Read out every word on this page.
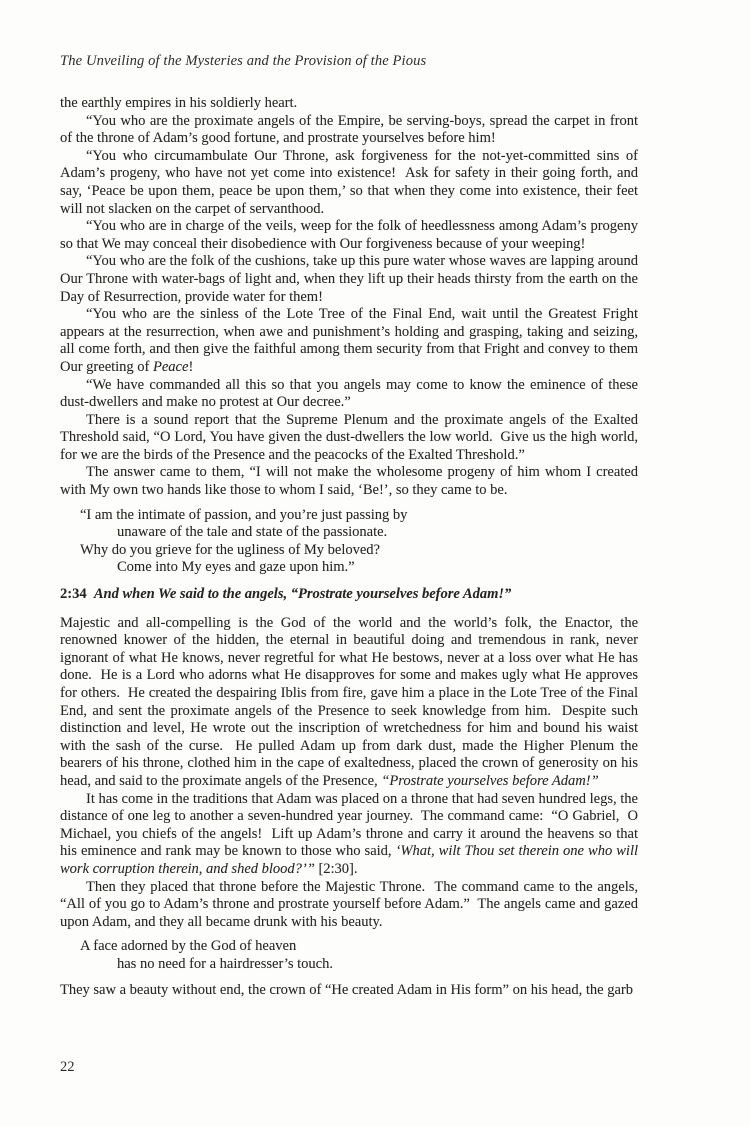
The Unveiling of the Mysteries and the Provision of the Pious

the earthly empires in his soldierly heart.

“You who are the proximate angels of the Empire, be serving-boys, spread the carpet in front of the throne of Adam’s good fortune, and prostrate yourselves before him!

“You who circumambulate Our Throne, ask forgiveness for the not-yet-committed sins of Adam’s progeny, who have not yet come into existence!  Ask for safety in their going forth, and say, ‘Peace be upon them, peace be upon them,’ so that when they come into existence, their feet will not slacken on the carpet of servanthood.

“You who are in charge of the veils, weep for the folk of heedlessness among Adam’s progeny so that We may conceal their disobedience with Our forgiveness because of your weeping!

“You who are the folk of the cushions, take up this pure water whose waves are lapping around Our Throne with water-bags of light and, when they lift up their heads thirsty from the earth on the Day of Resurrection, provide water for them!

“You who are the sinless of the Lote Tree of the Final End, wait until the Greatest Fright appears at the resurrection, when awe and punishment’s holding and grasping, taking and seizing, all come forth, and then give the faithful among them security from that Fright and convey to them Our greeting of Peace!

“We have commanded all this so that you angels may come to know the eminence of these dust-dwellers and make no protest at Our decree.”

There is a sound report that the Supreme Plenum and the proximate angels of the Exalted Threshold said, “O Lord, You have given the dust-dwellers the low world.  Give us the high world, for we are the birds of the Presence and the peacocks of the Exalted Threshold.”

The answer came to them, “I will not make the wholesome progeny of him whom I created with My own two hands like those to whom I said, ‘Be!’, so they came to be.

“I am the intimate of passion, and you’re just passing by
unaware of the tale and state of the passionate.
Why do you grieve for the ugliness of My beloved?
Come into My eyes and gaze upon him.”

2:34  And when We said to the angels, “Prostrate yourselves before Adam!”

Majestic and all-compelling is the God of the world and the world’s folk, the Enactor, the renowned knower of the hidden, the eternal in beautiful doing and tremendous in rank, never ignorant of what He knows, never regretful for what He bestows, never at a loss over what He has done.  He is a Lord who adorns what He disapproves for some and makes ugly what He approves for others.  He created the despairing Iblis from fire, gave him a place in the Lote Tree of the Final End, and sent the proximate angels of the Presence to seek knowledge from him.  Despite such distinction and level, He wrote out the inscription of wretchedness for him and bound his waist with the sash of the curse.  He pulled Adam up from dark dust, made the Higher Plenum the bearers of his throne, clothed him in the cape of exaltedness, placed the crown of generosity on his head, and said to the proximate angels of the Presence, “Prostrate yourselves before Adam!”

It has come in the traditions that Adam was placed on a throne that had seven hundred legs, the distance of one leg to another a seven-hundred year journey.  The command came:  “O Gabriel,  O Michael, you chiefs of the angels!  Lift up Adam’s throne and carry it around the heavens so that his eminence and rank may be known to those who said, ‘What, wilt Thou set therein one who will work corruption therein, and shed blood?’” [2:30].

Then they placed that throne before the Majestic Throne.  The command came to the angels, “All of you go to Adam’s throne and prostrate yourself before Adam.”  The angels came and gazed upon Adam, and they all became drunk with his beauty.

A face adorned by the God of heaven
has no need for a hairdresser’s touch.

They saw a beauty without end, the crown of “He created Adam in His form” on his head, the garb

22
